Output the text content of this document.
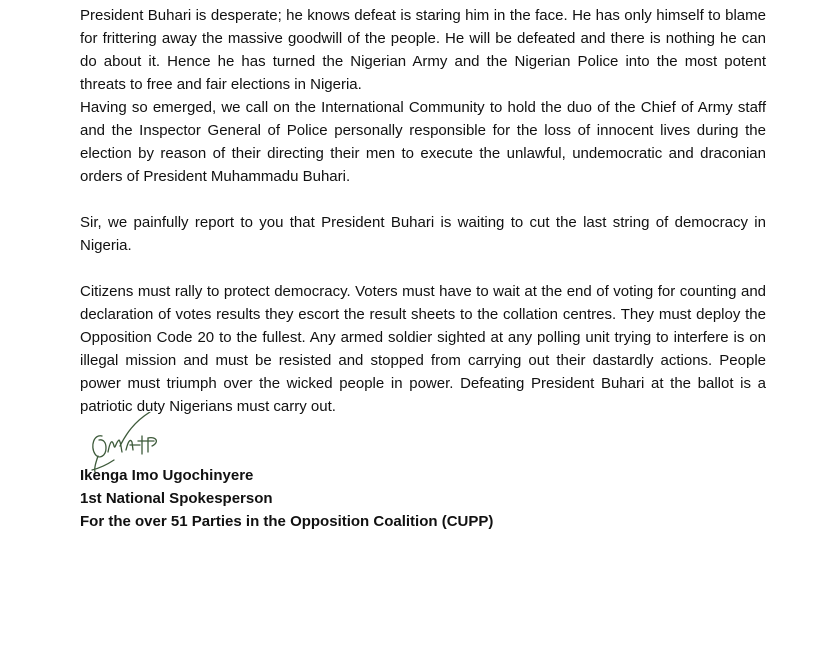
President Buhari is desperate; he knows defeat is staring him in the face. He has only himself to blame for frittering away the massive goodwill of the people. He will be defeated and there is nothing he can do about it. Hence he has turned the Nigerian Army and the Nigerian Police into the most potent threats to free and fair elections in Nigeria.

Having so emerged, we call on the International Community to hold the duo of the Chief of Army staff and the Inspector General of Police personally responsible for the loss of innocent lives during the election by reason of their directing their men to execute the unlawful, undemocratic and draconian orders of President Muhammadu Buhari.

Sir, we painfully report to you that President Buhari is waiting to cut the last string of democracy in Nigeria.

Citizens must rally to protect democracy. Voters must have to wait at the end of voting for counting and declaration of votes results they escort the result sheets to the collation centres. They must deploy the Opposition Code 20 to the fullest. Any armed soldier sighted at any polling unit trying to interfere is on illegal mission and must be resisted and stopped from carrying out their dastardly actions. People power must triumph over the wicked people in power. Defeating President Buhari at the ballot is a patriotic duty Nigerians must carry out.

Ikenga Imo Ugochinyere
1st National Spokesperson
For the over 51 Parties in the Opposition Coalition (CUPP)
